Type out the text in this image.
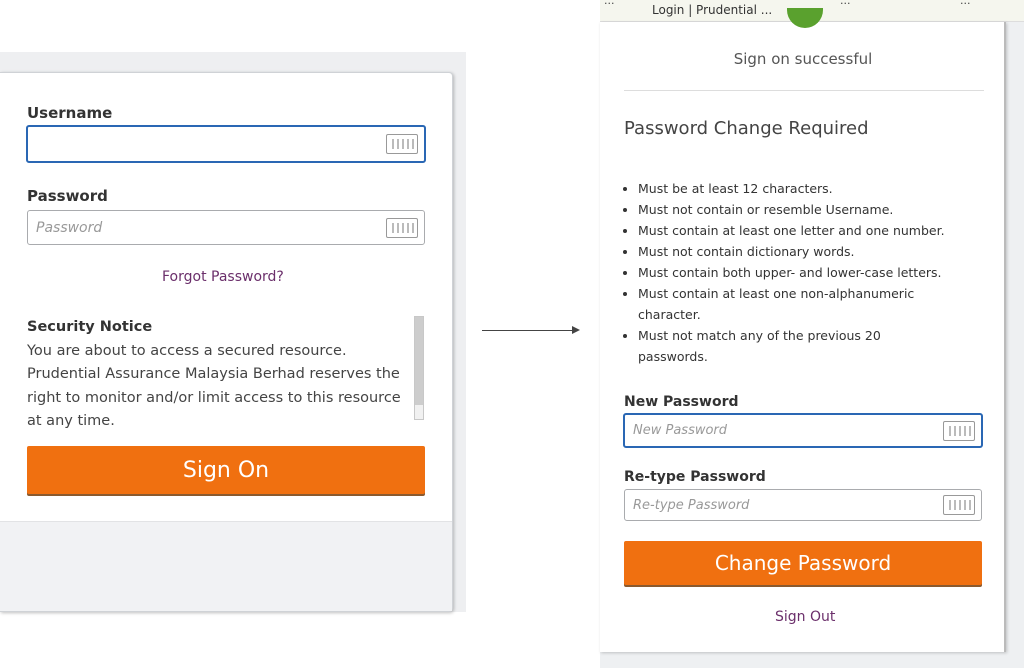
Username
Password
Password
Forgot Password?
Security Notice
You are about to access a secured resource. Prudential Assurance Malaysia Berhad reserves the right to monitor and/or limit access to this resource at any time.
Sign On
...
Login | Prudential ...
...	...
Sign on successful
Password Change Required
• Must be at least 12 characters.
• Must not contain or resemble Username.
• Must contain at least one letter and one number.
• Must not contain dictionary words.
• Must contain both upper- and lower-case letters.
• Must contain at least one non-alphanumeric character.
• Must not match any of the previous 20 passwords.
New Password
New Password
Re-type Password
Re-type Password
Change Password
Sign Out
